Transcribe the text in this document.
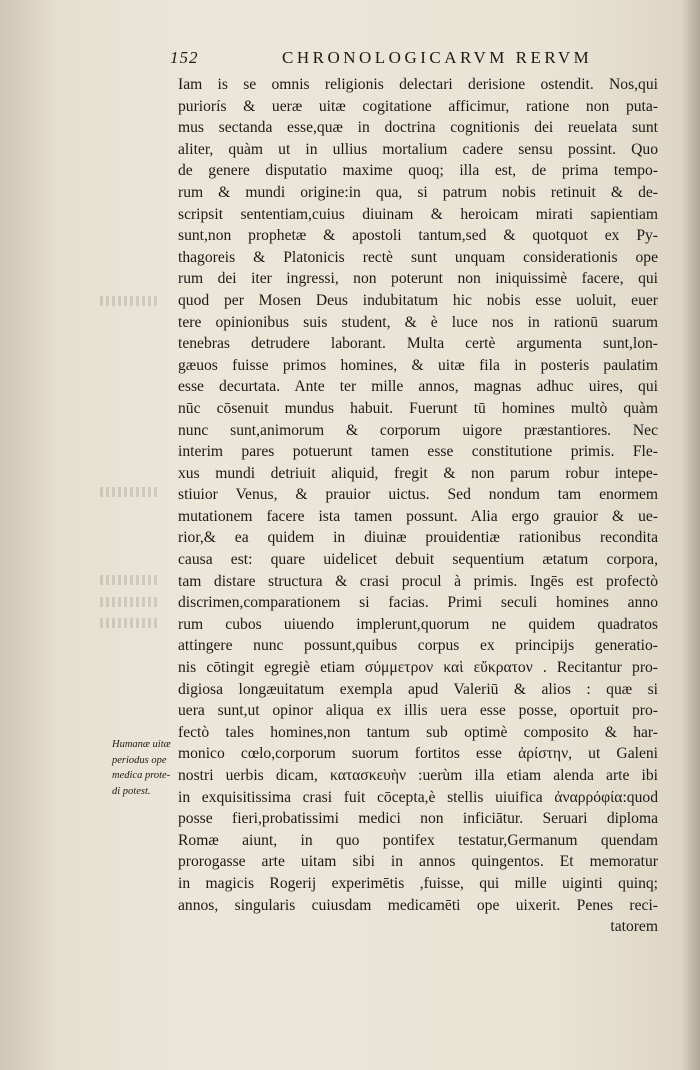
152	CHRONOLOGICARVM RERVM
Iam is se omnis religionis delectari derisione ostendit. Nos,qui
puriorís & ueræ uitæ cogitatione afficimur, ratione non puta-
mus sectanda esse,quæ in doctrina cognitionis dei reuelata sunt
aliter, quàm ut in ullius mortalium cadere sensu possint. Quo
de genere disputatio maxime quoq; illa est, de prima tempo-
rum & mundi origine:in qua, si patrum nobis retinuit & de-
scripsit sententiam,cuius diuinam & heroicam mirati sapientiam
sunt,non prophetæ & apostoli tantum,sed & quotquot ex Py-
thagoreis & Platonicis rectè sunt unquam considerationis ope
rum dei iter ingressi, non poterunt non iniquissimè facere, qui
quod per Mosen Deus indubitatum hic nobis esse uoluit, euer
tere opinionibus suis student, & è luce nos in rationū suarum
tenebras detrudere laborant. Multa certè argumenta sunt,lon-
gæuos fuisse primos homines, & uitæ fila in posteris paulatim
esse decurtata. Ante ter mille annos, magnas adhuc uires, qui
nūc cōsenuit mundus habuit. Fuerunt tū homines multò quàm
nunc sunt,animorum & corporum uigore præstantiores. Nec
interim pares potuerunt tamen esse constitutione primis. Fle-
xus mundi detriuit aliquid, fregit & non parum robur intepe-
stiuior Venus, & prauior uictus. Sed nondum tam enormem
mutationem facere ista tamen possunt. Alia ergo grauior & ue-
rior,& ea quidem in diuinæ prouidentiæ rationibus recondita
causa est: quare uidelicet debuit sequentium ætatum corpora,
tam distare structura & crasi procul à primis. Ingēs est profectò
discrimen,comparationem si facias. Primi seculi homines anno
rum cubos uiuendo implerunt,quorum ne quidem quadratos
attingere nunc possunt,quibus corpus ex principijs generatio-
nis cōtingit egregiè etiam σύμμετρον καὶ εὔκρατον . Recitantur pro-
digiosa longæuitatum exempla apud Valeriū & alios : quæ si
uera sunt,ut opinor aliqua ex illis uera esse posse, oportuit pro-
fectò tales homines,non tantum sub optimè composito & har-
monico cœlo,corporum suorum fortitos esse ἀρίστην, ut Galeni
nostri uerbis dicam, κατασκευὴν :uerùm illa etiam alenda arte ibi
in exquisitissima crasi fuit cōcepta,è stellis uiuifica ἀναρρόφία:quod
posse fieri,probatissimi medici non inficiātur. Seruari diploma
Romæ aiunt, in quo pontifex testatur,Germanum quendam
prorogasse arte uitam sibi in annos quingentos. Et memoratur
in magicis Rogerij experimētis ,fuisse, qui mille uiginti quinq;
annos, singularis cuiusdam medicamēti ope uixerit. Penes reci-
tatorem
Humanæ uitæ
periodus ope
medica prote-
di potest.
